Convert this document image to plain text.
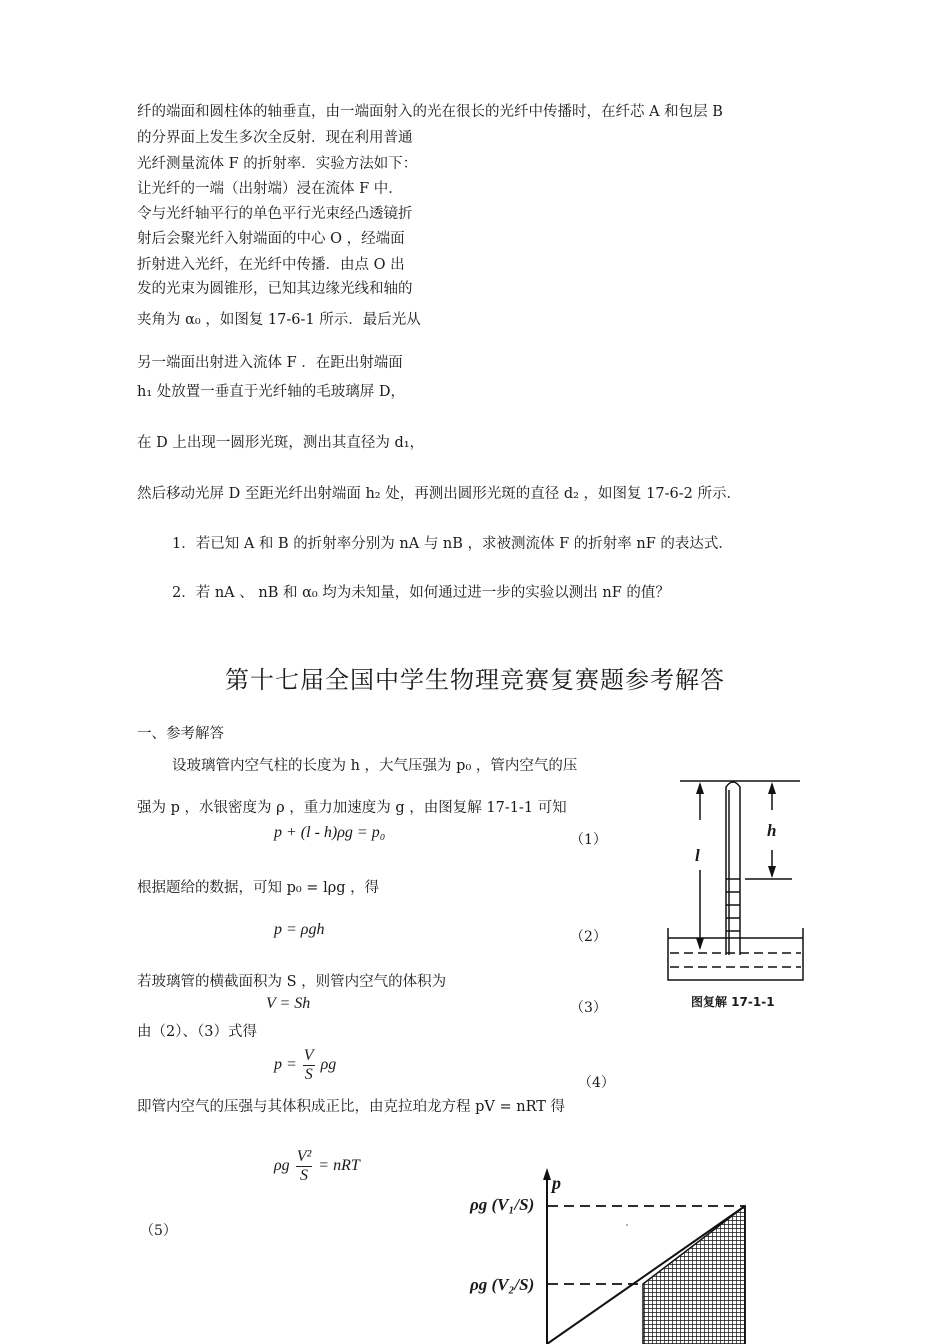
纤的端面和圆柱体的轴垂直，由一端面射入的光在很长的光纤中传播时，在纤芯 A 和包层 B
的分界面上发生多次全反射．现在利用普通
光纤测量流体 F 的折射率．实验方法如下：
让光纤的一端（出射端）浸在流体 F 中．
令与光纤轴平行的单色平行光束经凸透镜折
射后会聚光纤入射端面的中心 O ，经端面
折射进入光纤，在光纤中传播．由点 O 出
发的光束为圆锥形，已知其边缘光线和轴的
夹角为 α₀ ，如图复 17-6-1 所示．最后光从
另一端面出射进入流体 F ．在距出射端面
h₁ 处放置一垂直于光纤轴的毛玻璃屏 D，
在 D 上出现一圆形光斑，测出其直径为 d₁，
然后移动光屏 D 至距光纤出射端面 h₂ 处，再测出圆形光斑的直径 d₂ ，如图复 17-6-2 所示．
1．若已知 A 和 B 的折射率分别为 nA 与 nB ，求被测流体 F 的折射率 nF 的表达式．
2．若 nA 、 nB 和 α₀ 均为未知量，如何通过进一步的实验以测出 nF 的值？
第十七届全国中学生物理竞赛复赛题参考解答
一、参考解答
设玻璃管内空气柱的长度为 h ，大气压强为 p₀ ，管内空气的压
强为 p ，水银密度为 ρ ，重力加速度为 g ，由图复解 17-1-1 可知
p + (l - h)ρg = p₀	（1）
根据题给的数据，可知 p₀ = lρg ，得
p = ρgh	（2）
若玻璃管的横截面积为 S ，则管内空气的体积为
V = Sh	（3）
由（2）、（3）式得
$p = \frac{V}{S}$ ρg
（4）
即管内空气的压强与其体积成正比，由克拉珀龙方程 pV = nRT 得
ρg $\frac{\text{V²}}{S}$ = nRT
（5）
l
h
图复解 17-1-1
p
ρg (V₁/S)
ρg (V₂/S)
